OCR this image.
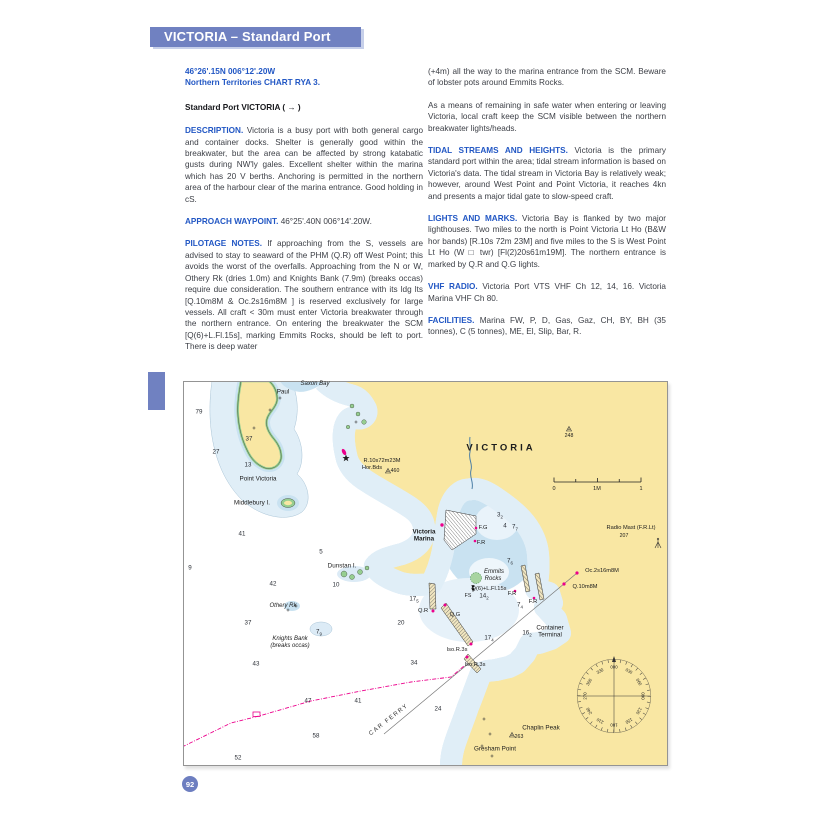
VICTORIA – Standard Port
92
46°26'.15N 006°12'.20W
Northern Territories CHART RYA 3.
Standard Port VICTORIA ( → )

DESCRIPTION. Victoria is a busy port with both general cargo and container docks. Shelter is generally good within the breakwater, but the area can be affected by strong katabatic gusts during NW'ly gales. Excellent shelter within the marina which has 20 V berths. Anchoring is permitted in the northern area of the harbour clear of the marina entrance. Good holding in cS.

APPROACH WAYPOINT. 46°25'.40N 006°14'.20W.

PILOTAGE NOTES. If approaching from the S, vessels are advised to stay to seaward of the PHM (Q.R) off West Point; this avoids the worst of the overfalls. Approaching from the N or W, Othery Rk (dries 1.0m) and Knights Bank (7.9m) (breaks occas) require due consideration. The southern entrance with its ldg lts [Q.10m8M & Oc.2s16m8M ] is reserved exclusively for large vessels. All craft < 30m must enter Victoria breakwater through the northern entrance. On entering the breakwater the SCM [Q(6)+L.Fl.15s], marking Emmits Rocks, should be left to port. There is deep water

(+4m) all the way to the marina entrance from the SCM. Beware of lobster pots around Emmits Rocks.

As a means of remaining in safe water when entering or leaving Victoria, local craft keep the SCM visible between the northern breakwater lights/heads.

TIDAL STREAMS AND HEIGHTS. Victoria is the primary standard port within the area; tidal stream information is based on Victoria's data. The tidal stream in Victoria Bay is relatively weak; however, around West Point and Point Victoria, it reaches 4kn and presents a major tidal gate to slow-speed craft.

LIGHTS AND MARKS. Victoria Bay is flanked by two major lighthouses. Two miles to the north is Point Victoria Lt Ho (B&W hor bands) [R.10s 72m 23M] and five miles to the S is West Point Lt Ho (W □ twr) [Fl(2)20s61m19M]. The northern entrance is marked by Q.R and Q.G lights.

VHF RADIO. Victoria Port VTS VHF Ch 12, 14, 16. Victoria Marina VHF Ch 80.

FACILITIES. Marina FW, P, D, Gas, Gaz, CH, BY, BH (35 tonnes), C (5 tonnes), ME, El, Slip, Bar, R.

VICTORIA
Saxon Bay
Paul
Point Victoria
Middlebury I.
R.10s72m23M
Hor.Bds 460
248
0	1M	1
Radio Mast (F.R.Lt)
207
Victoria
Marina
Dunstan I.
Othery Rk
Knights Bank
(breaks occas)
Emmits
Rocks
Q(6)+L.Fl.15s
FS
F.G
F.R
Q.R
Q.G
Iso.R.3s
Iso.R.3s
F.R
F.R
Oc.2s16m8M
Q.10m8M
Container
Terminal
Chaplin Peak
263
Gresham Point
CAR FERRY
000 030
060
090
120
150
180
210
240
270
300
330
79
37
27
13
41
9
42
5
10
37
43
$7_9$
47	41
58
52
34
24
20
$17_5$
$17_4$
$16_2$
$7_4$
$3_2$
4 $7_7$
$7_6$
$14_2$
